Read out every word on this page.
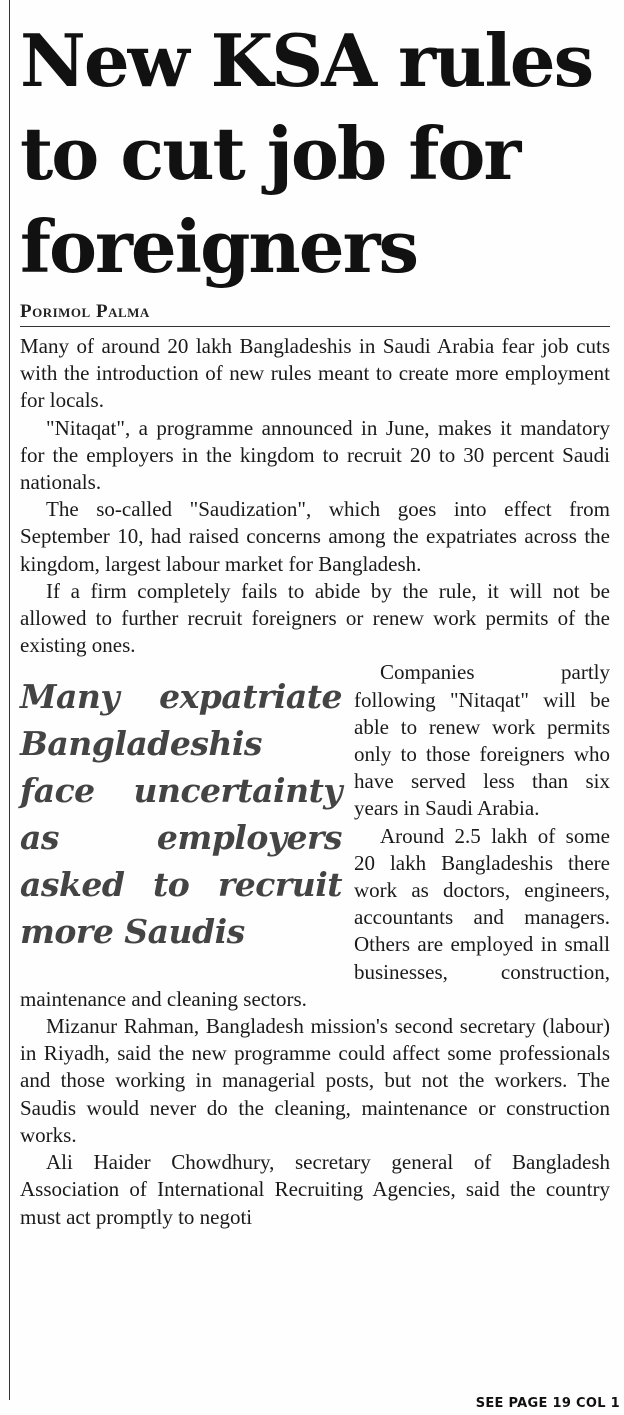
New KSA rules to cut job for foreigners
Porimol Palma

Many of around 20 lakh Bangladeshis in Saudi Arabia fear job cuts with the introduction of new rules meant to create more employment for locals.

"Nitaqat", a programme announced in June, makes it mandatory for the employers in the kingdom to recruit 20 to 30 percent Saudi nationals.

The so-called "Saudization", which goes into effect from September 10, had raised concerns among the expatriates across the kingdom, largest labour market for Bangladesh.

If a firm completely fails to abide by the rule, it will not be allowed to further recruit foreigners or renew work permits of the existing ones.

Many expatriate Bangladeshis face uncertainty as employers asked to recruit more Saudis

Companies partly following "Nitaqat" will be able to renew work permits only to those foreigners who have served less than six years in Saudi Arabia.

Around 2.5 lakh of some 20 lakh Bangladeshis there work as doctors, engineers, accountants and managers. Others are employed in small businesses, construction, maintenance and cleaning sectors.

Mizanur Rahman, Bangladesh mission's second secretary (labour) in Riyadh, said the new programme could affect some professionals and those working in managerial posts, but not the workers. The Saudis would never do the cleaning, maintenance or construction works.

Ali Haider Chowdhury, secretary general of Bangladesh Association of International Recruiting Agencies, said the country must act promptly to negoti

SEE PAGE 19 COL 1
